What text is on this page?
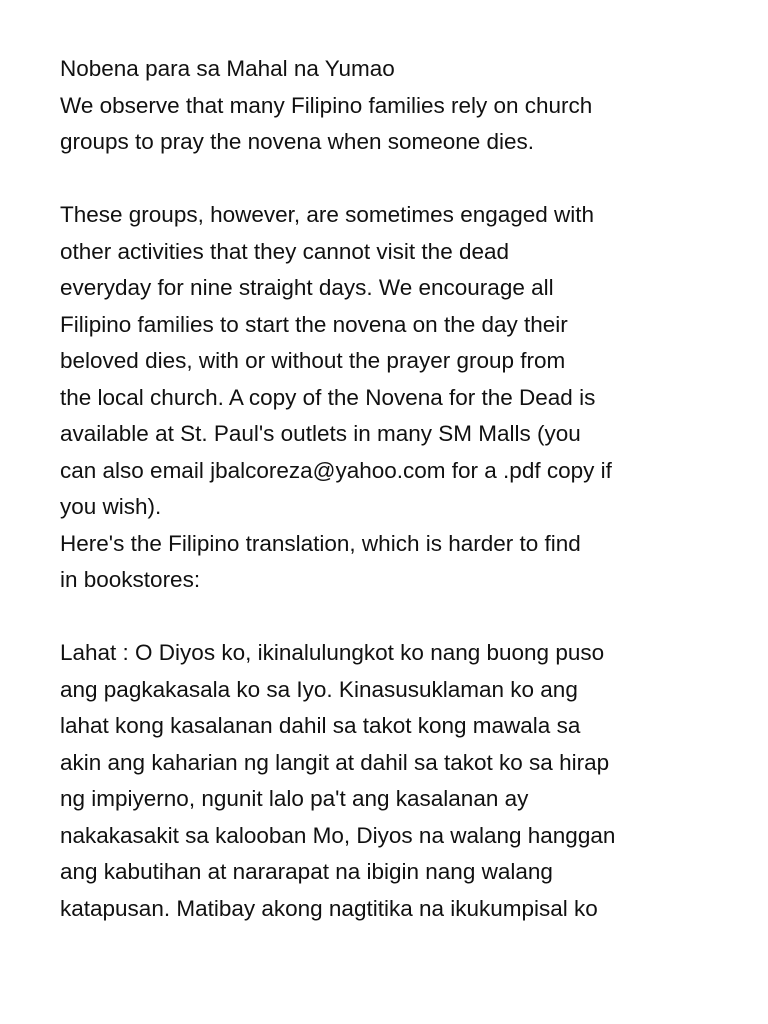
Nobena para sa Mahal na Yumao
We observe that many Filipino families rely on church
groups to pray the novena when someone dies.
These groups, however, are sometimes engaged with
other activities that they cannot visit the dead
everyday for nine straight days. We encourage all
Filipino families to start the novena on the day their
beloved dies, with or without the prayer group from
the local church. A copy of the Novena for the Dead is
available at St. Paul's outlets in many SM Malls (you
can also email jbalcoreza@yahoo.com for a .pdf copy if
you wish).
Here's the Filipino translation, which is harder to find
in bookstores:
Lahat : O Diyos ko, ikinalulungkot ko nang buong puso
ang pagkakasala ko sa Iyo. Kinasusuklaman ko ang
lahat kong kasalanan dahil sa takot kong mawala sa
akin ang kaharian ng langit at dahil sa takot ko sa hirap
ng impiyerno, ngunit lalo pa't ang kasalanan ay
nakakasakit sa kalooban Mo, Diyos na walang hanggan
ang kabutihan at nararapat na ibigin nang walang
katapusan. Matibay akong nagtitika na ikukumpisal ko
